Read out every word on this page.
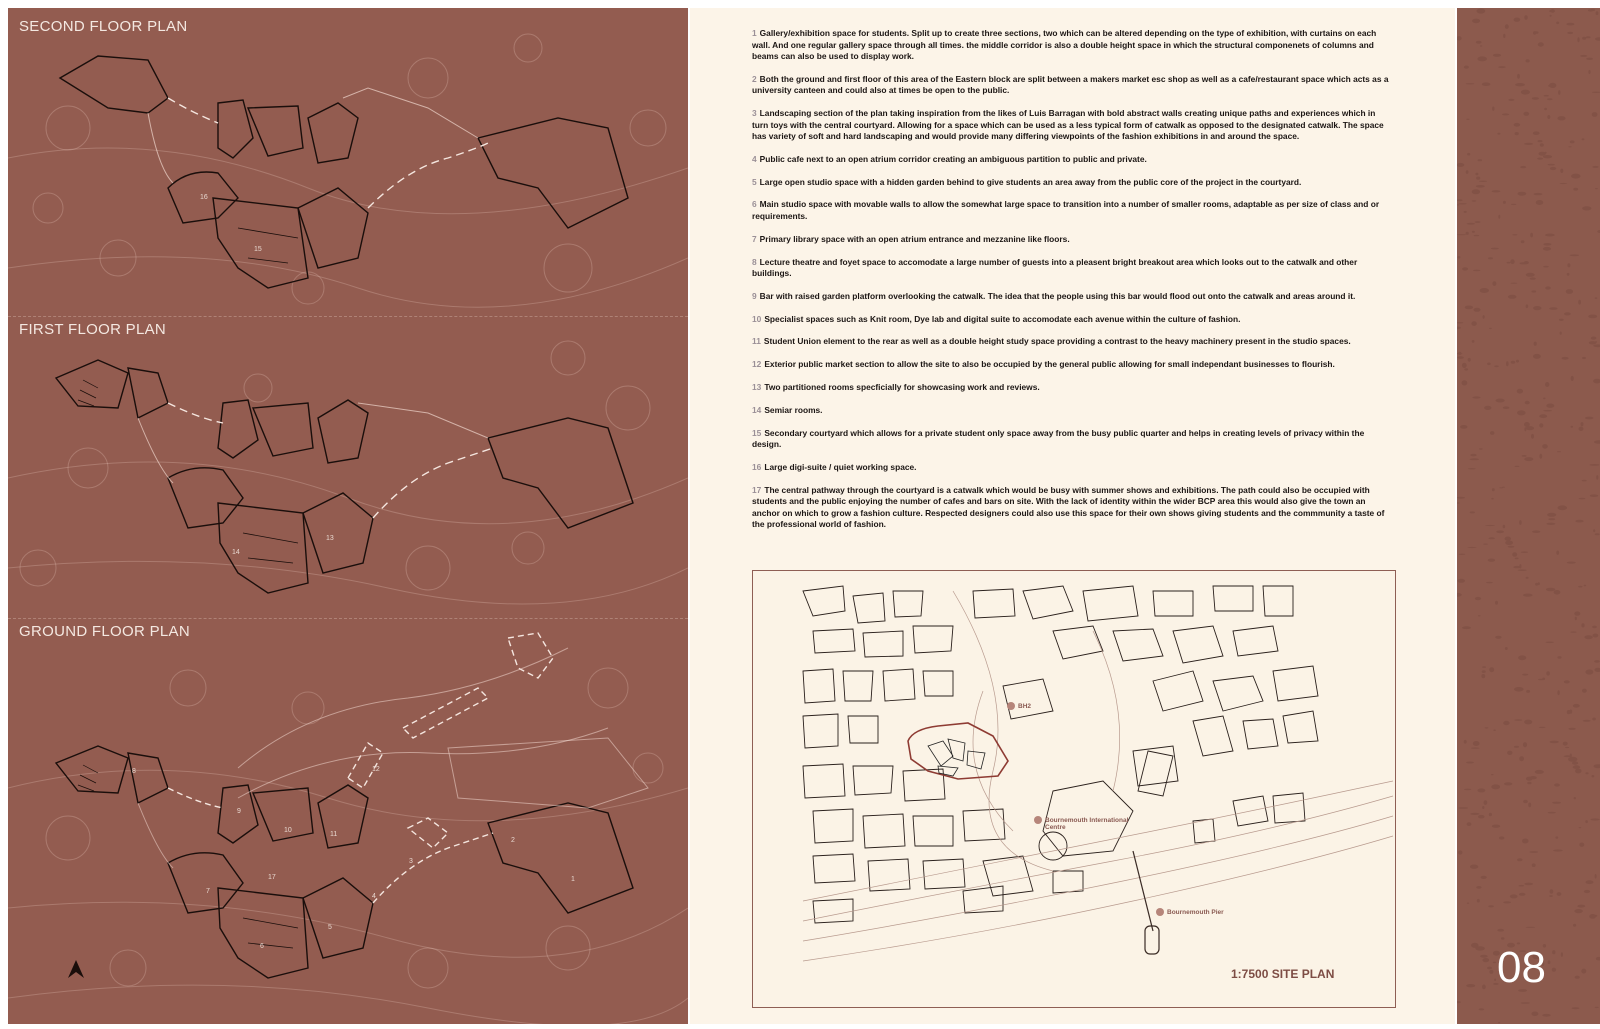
SECOND FLOOR PLAN
FIRST FLOOR PLAN
GROUND FLOOR PLAN
15
16
13
14
1
2
3
4
5
6
7
8
9
10
11
12
17
1 Gallery/exhibition space for students. Split up to create three sections, two which can be altered depending on the type of exhibition, with curtains on each wall. And one regular gallery space through all times. the middle corridor is also a double height space in which the structural componenets of columns and beams can also be used to display work.
2 Both the ground and first floor of this area of the Eastern block are split between a makers market esc shop as well as a cafe/restaurant space which acts as a university canteen and could also at times be open to the public.
3 Landscaping section of the plan taking inspiration from the likes of Luis Barragan with bold abstract walls creating unique paths and experiences which in turn toys with the central courtyard. Allowing for a space which can be used as a less typical form of catwalk as opposed to the designated catwalk. The space has variety of soft and hard landscaping and would provide many differing viewpoints of the fashion exhibitions in and around the space.
4 Public cafe next to an open atrium corridor creating an ambiguous partition to public and private.
5 Large open studio space with a hidden garden behind to give students an area away from the public core of the project in the courtyard.
6 Main studio space with movable walls to allow the somewhat large space to transition into a number of smaller rooms, adaptable as per size of class and or requirements.
7 Primary library space with an open atrium entrance and mezzanine like floors.
8 Lecture theatre and foyet space to accomodate a large number of guests into a pleasent bright breakout area which looks out to the catwalk and other buildings.
9 Bar with raised garden platform overlooking the catwalk. The idea that the people using this bar would flood out onto the catwalk and areas around it.
10 Specialist spaces such as Knit room, Dye lab and digital suite to accomodate each avenue within the culture of fashion.
11 Student Union element to the rear as well as a double height study space providing a contrast to the heavy machinery present in the studio spaces.
12 Exterior public market section to allow the site to also be occupied by the general public allowing for small independant businesses to flourish.
13 Two partitioned rooms specficially for showcasing work and reviews.
14 Semiar rooms.
15 Secondary courtyard which allows for a private student only space away from the busy public quarter and helps in creating levels of privacy within the design.
16 Large digi-suite / quiet working space.
17 The central pathway through the courtyard is a catwalk which would be busy with summer shows and exhibitions. The path could also be occupied with students and the public enjoying the number of cafes and bars on site. With the lack of identity within the wider BCP area this would also give the town an anchor on which to grow a fashion culture. Respected designers could also use this space for their own shows giving students and the commmunity a taste of the professional world of fashion.
BH2
Bournemouth International Centre
Bournemouth Pier
1:7500 SITE PLAN	08
